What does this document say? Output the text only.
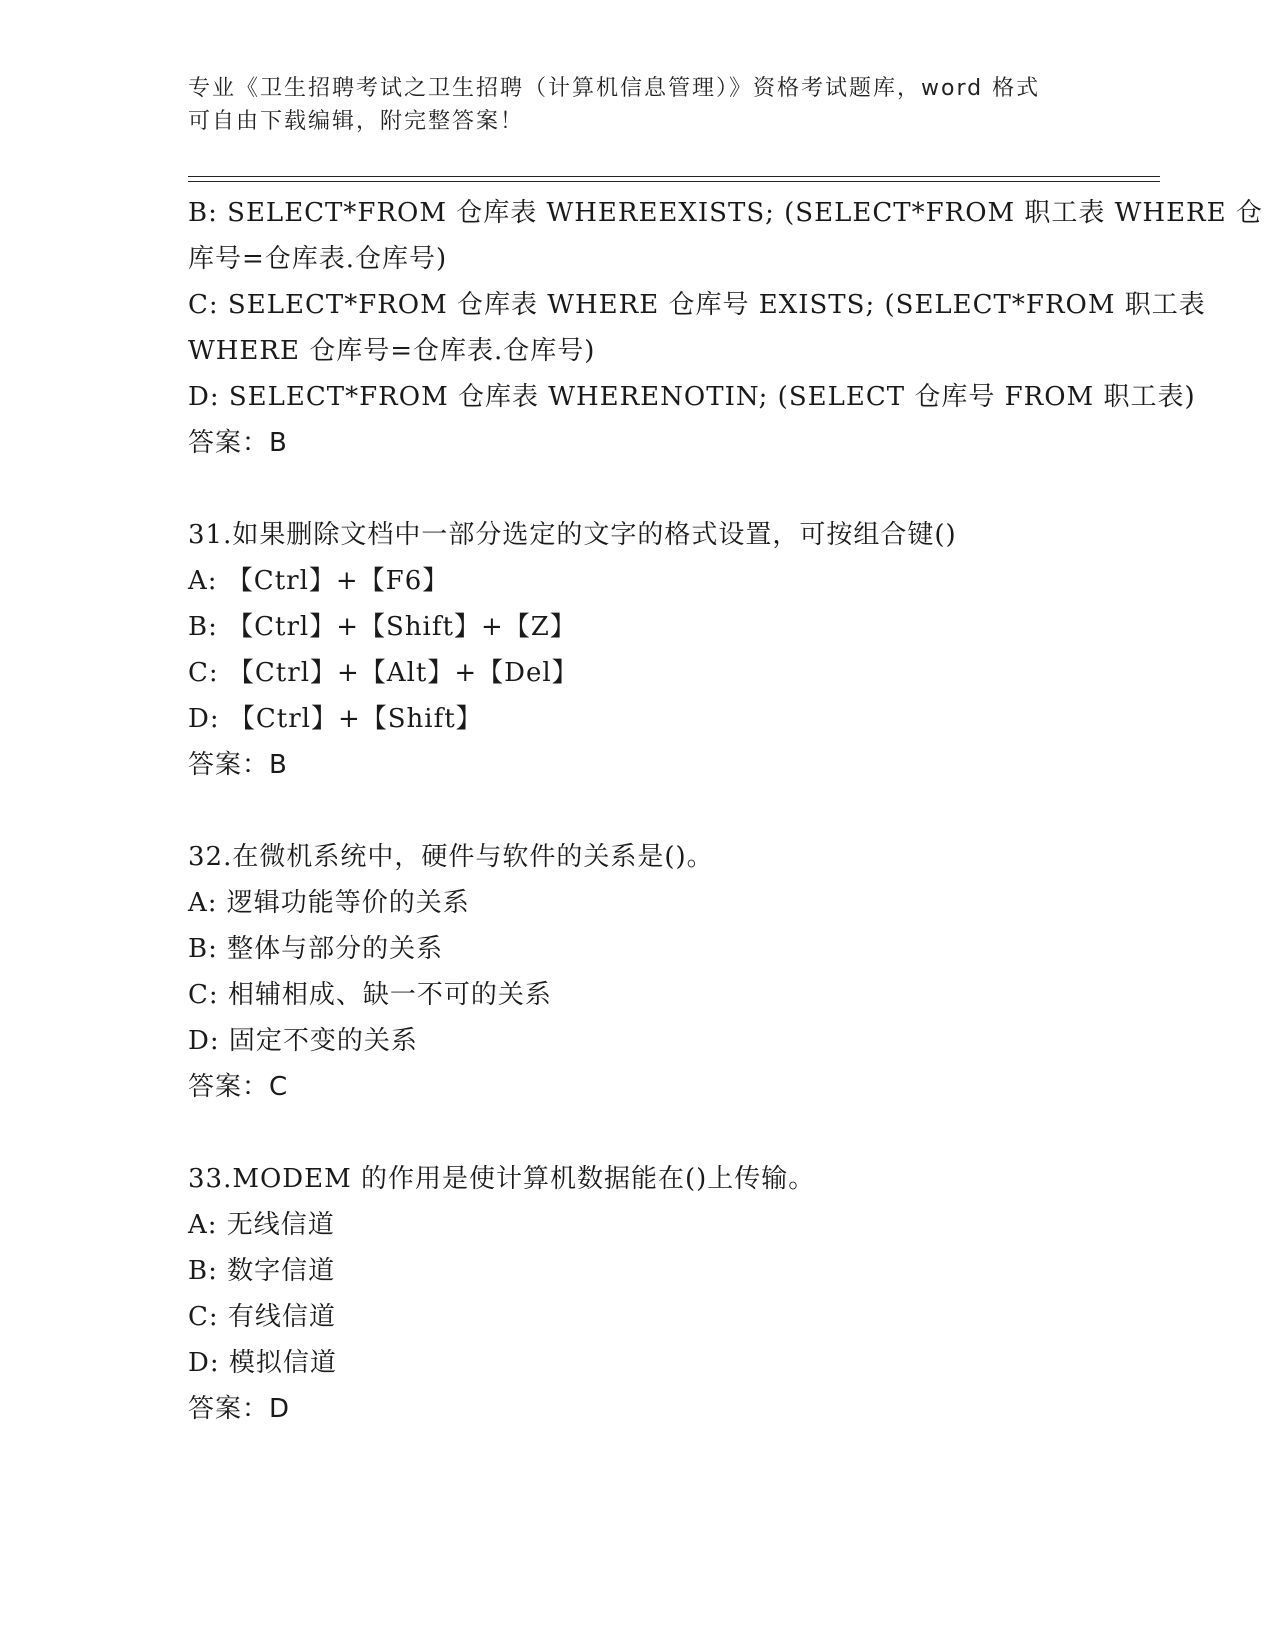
专业《卫生招聘考试之卫生招聘（计算机信息管理）》资格考试题库，word 格式
可自由下载编辑，附完整答案！
B: SELECT*FROM 仓库表 WHEREEXISTS; (SELECT*FROM 职工表 WHERE 仓
库号=仓库表.仓库号)
C: SELECT*FROM 仓库表 WHERE 仓库号 EXISTS; (SELECT*FROM 职工表
WHERE 仓库号=仓库表.仓库号)
D: SELECT*FROM 仓库表 WHERENOTIN; (SELECT 仓库号 FROM 职工表)
答案：B
31.如果删除文档中一部分选定的文字的格式设置，可按组合键()
A: 【Ctrl】+【F6】
B: 【Ctrl】+【Shift】+【Z】
C: 【Ctrl】+【Alt】+【Del】
D: 【Ctrl】+【Shift】
答案：B
32.在微机系统中，硬件与软件的关系是()。
A: 逻辑功能等价的关系
B: 整体与部分的关系
C: 相辅相成、缺一不可的关系
D: 固定不变的关系
答案：C
33.MODEM 的作用是使计算机数据能在()上传输。
A: 无线信道
B: 数字信道
C: 有线信道
D: 模拟信道
答案：D
